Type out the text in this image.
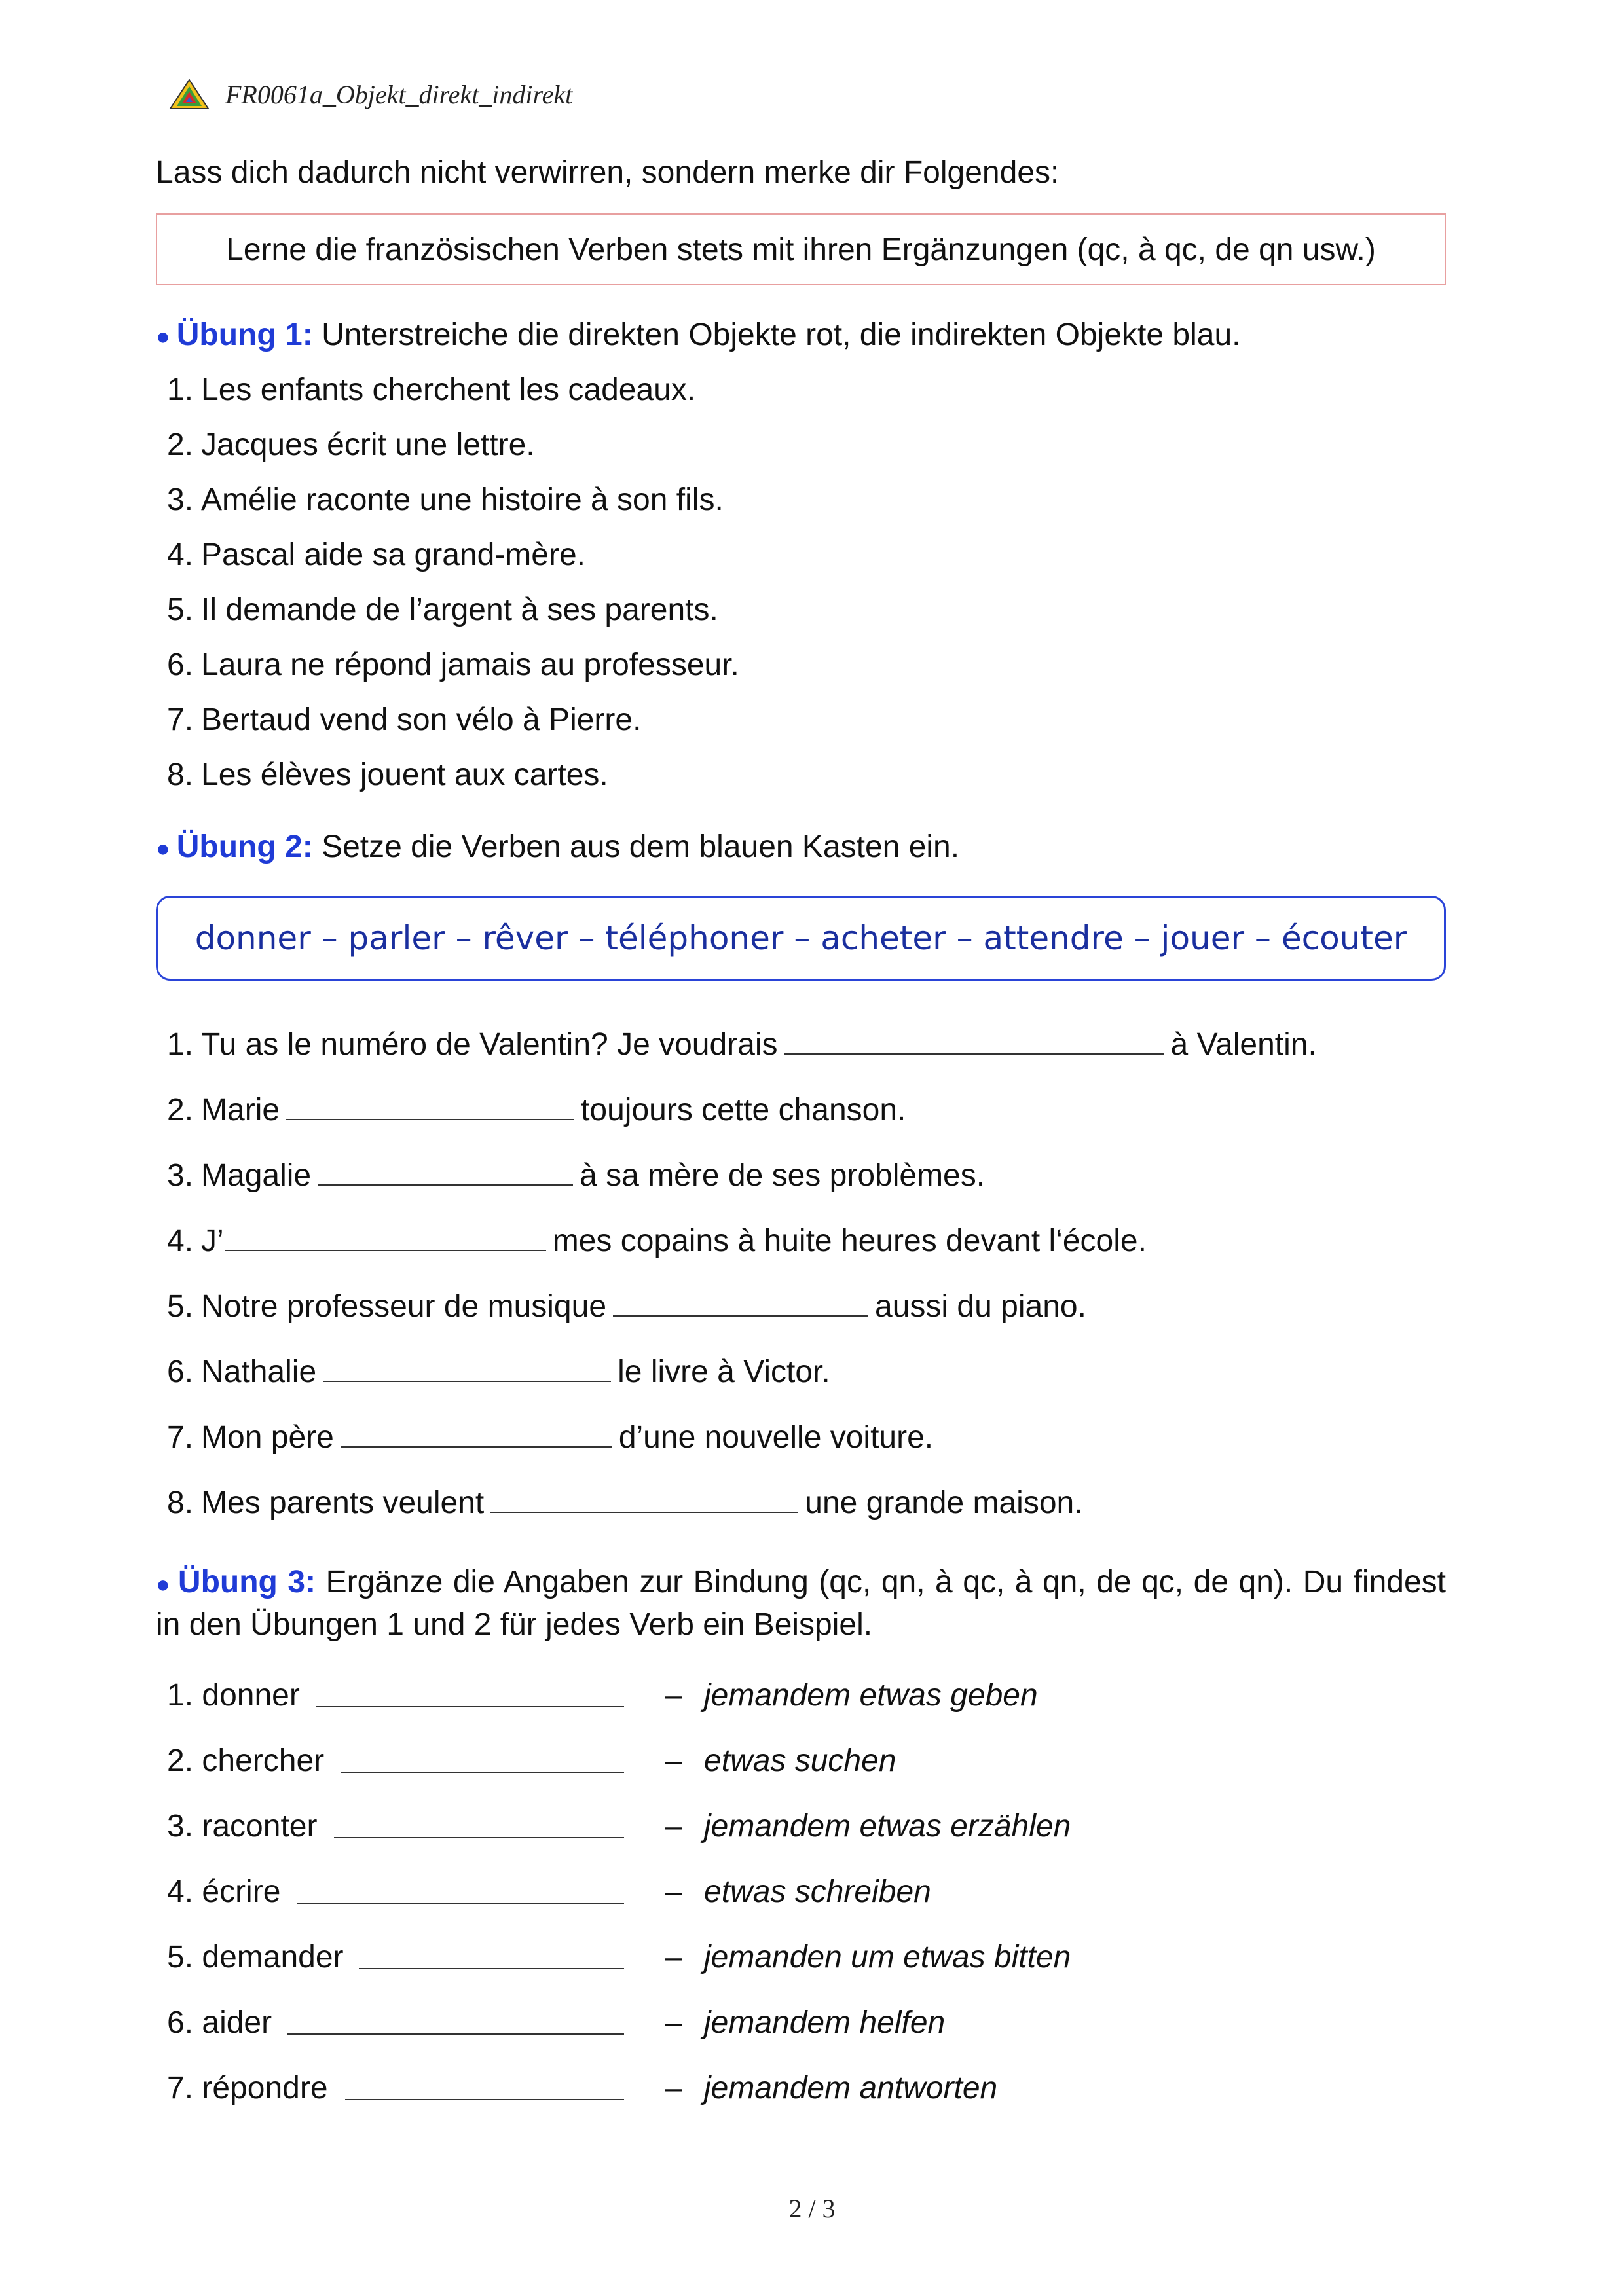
FR0061a_Objekt_direkt_indirekt
Lass dich dadurch nicht verwirren, sondern merke dir Folgendes:
Lerne die französischen Verben stets mit ihren Ergänzungen (qc, à qc, de qn usw.)
● Übung 1: Unterstreiche die direkten Objekte rot, die indirekten Objekte blau.
1. Les enfants cherchent les cadeaux.
2. Jacques écrit une lettre.
3. Amélie raconte une histoire à son fils.
4. Pascal aide sa grand-mère.
5. Il demande de l’argent à ses parents.
6. Laura ne répond jamais au professeur.
7. Bertaud vend son vélo à Pierre.
8. Les élèves jouent aux cartes.
● Übung 2: Setze die Verben aus dem blauen Kasten ein.
donner – parler – rêver – téléphoner – acheter – attendre – jouer – écouter
1. Tu as le numéro de Valentin? Je voudrais	à Valentin.
2. Marie	toujours cette chanson.
3. Magalie	à sa mère de ses problèmes.
4. J’	mes copains à huite heures devant l‘école.
5. Notre professeur de musique	aussi du piano.
6. Nathalie	le livre à Victor.
7. Mon père	d’une nouvelle voiture.
8. Mes parents veulent	une grande maison.
● Übung 3: Ergänze die Angaben zur Bindung (qc, qn, à qc, à qn, de qc, de qn). Du findest in den Übungen 1 und 2 für jedes Verb ein Beispiel.
1. donner	– jemandem etwas geben
2. chercher	– etwas suchen
3. raconter	– jemandem etwas erzählen
4. écrire	– etwas schreiben
5. demander	– jemanden um etwas bitten
6. aider	– jemandem helfen
7. répondre	– jemandem antworten
2 / 3
